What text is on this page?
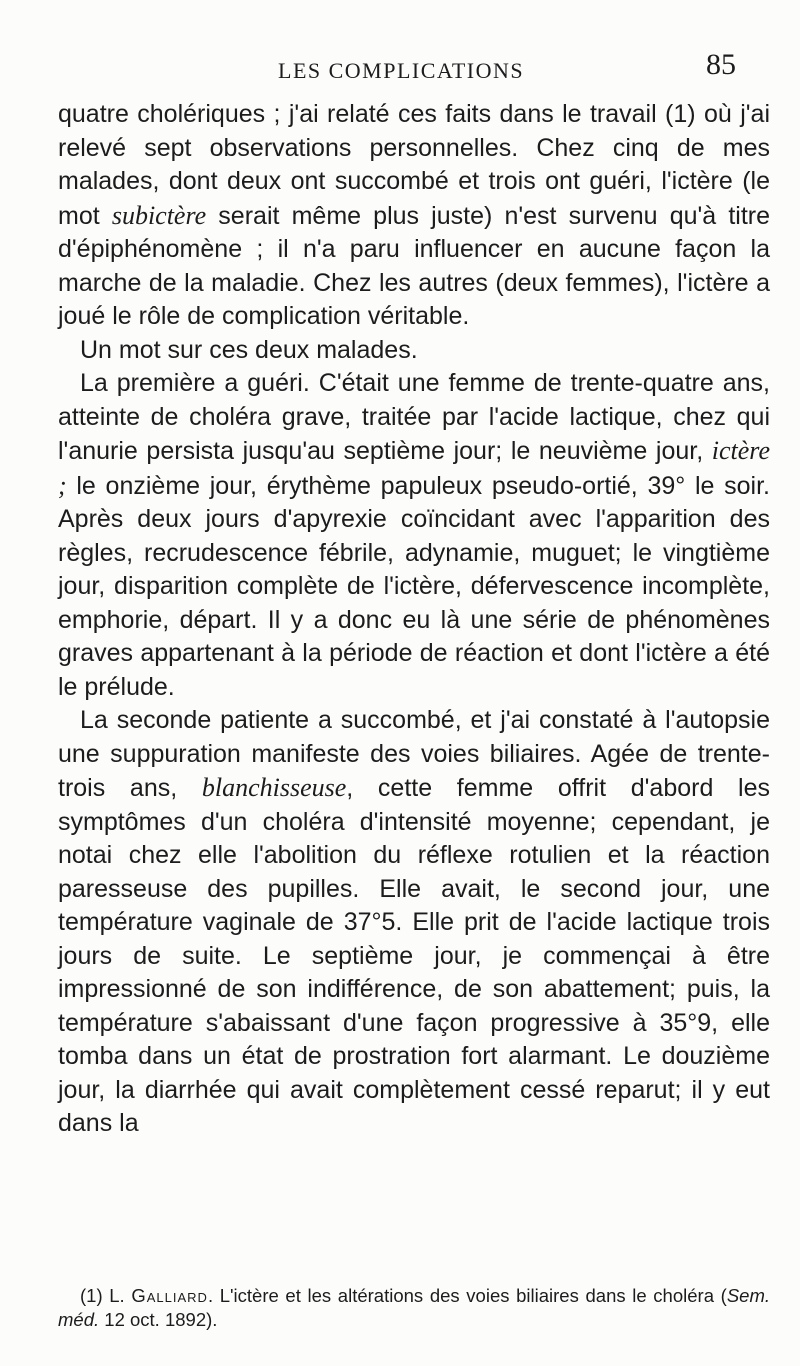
LES COMPLICATIONS	85

quatre cholériques ; j'ai relaté ces faits dans le travail (1) où j'ai relevé sept observations personnelles. Chez cinq de mes malades, dont deux ont succombé et trois ont guéri, l'ictère (le mot subictère serait même plus juste) n'est survenu qu'à titre d'épiphénomène ; il n'a paru influencer en aucune façon la marche de la maladie. Chez les autres (deux femmes), l'ictère a joué le rôle de complication véritable.

Un mot sur ces deux malades.

La première a guéri. C'était une femme de trente-quatre ans, atteinte de choléra grave, traitée par l'acide lactique, chez qui l'anurie persista jusqu'au septième jour; le neuvième jour, ictère ; le onzième jour, érythème papuleux pseudo-ortié, 39° le soir. Après deux jours d'apyrexie coïncidant avec l'apparition des règles, recrudescence fébrile, adynamie, muguet; le vingtième jour, disparition complète de l'ictère, défervescence incomplète, emphorie, départ. Il y a donc eu là une série de phénomènes graves appartenant à la période de réaction et dont l'ictère a été le prélude.

La seconde patiente a succombé, et j'ai constaté à l'autopsie une suppuration manifeste des voies biliaires. Agée de trente-trois ans, blanchisseuse, cette femme offrit d'abord les symptômes d'un choléra d'intensité moyenne; cependant, je notai chez elle l'abolition du réflexe rotulien et la réaction paresseuse des pupilles. Elle avait, le second jour, une température vaginale de 37°5. Elle prit de l'acide lactique trois jours de suite. Le septième jour, je commençai à être impressionné de son indifférence, de son abattement; puis, la température s'abaissant d'une façon progressive à 35°9, elle tomba dans un état de prostration fort alarmant. Le douzième jour, la diarrhée qui avait complètement cessé reparut; il y eut dans la

(1) L. Galliard. L'ictère et les altérations des voies biliaires dans le choléra (Sem. méd. 12 oct. 1892).
